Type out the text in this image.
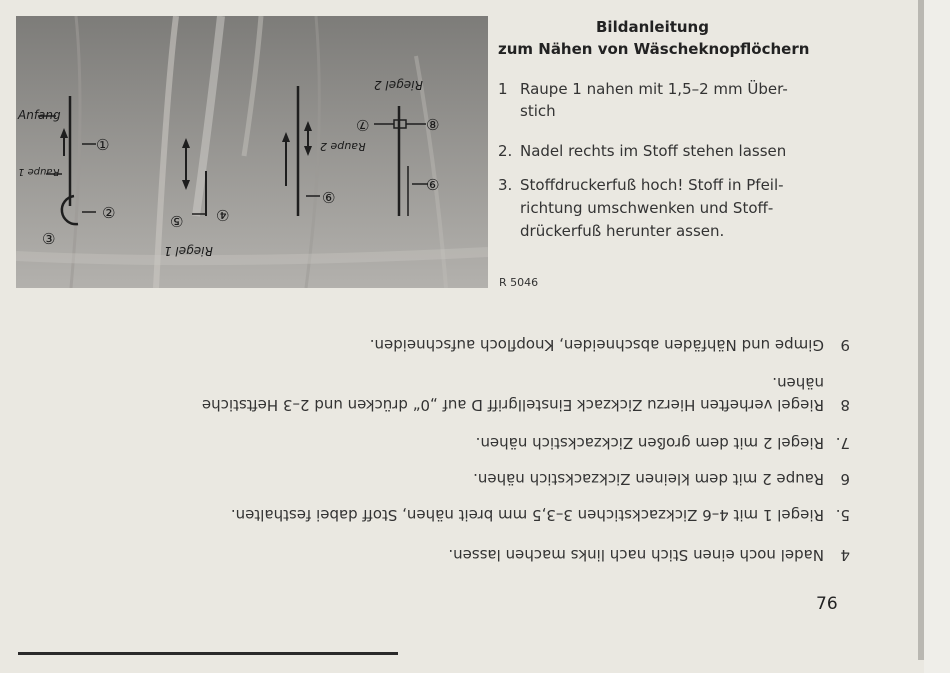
Anfang
Raupe 1
①
②
③
④
⑤
⑥
⑦	⑧
⑨
Riegel 2
Raupe 2
Riegel 1
Bildanleitung
zum Nähen von Wäscheknopflöchern
1 Raupe 1 nahen mit 1,5–2 mm Über-
stich
2. Nadel rechts im Stoff stehen lassen
3. Stoffdruckerfuß hoch! Stoff in Pfeil-
richtung umschwenken und Stoff-
drückerfuß herunter assen.
R 5046
4
Nadel noch einen Stich nach links machen lassen.
5.
Riegel 1 mit 4–6 Zickzackstichen 3–3,5 mm breit nähen, Stoff dabei festhalten.
6
Raupe 2 mit dem kleinen Zickzackstich nähen.
7.
Riegel 2 mit dem großen Zickzackstich nähen.
8
Riegel verheften Hierzu Zickzack Einstellgriff D auf „0“ drücken und 2–3 Heftstiche
nähen.
9
Gimpe und Nähfäden abschneiden, Knopfloch aufschneiden.
76
